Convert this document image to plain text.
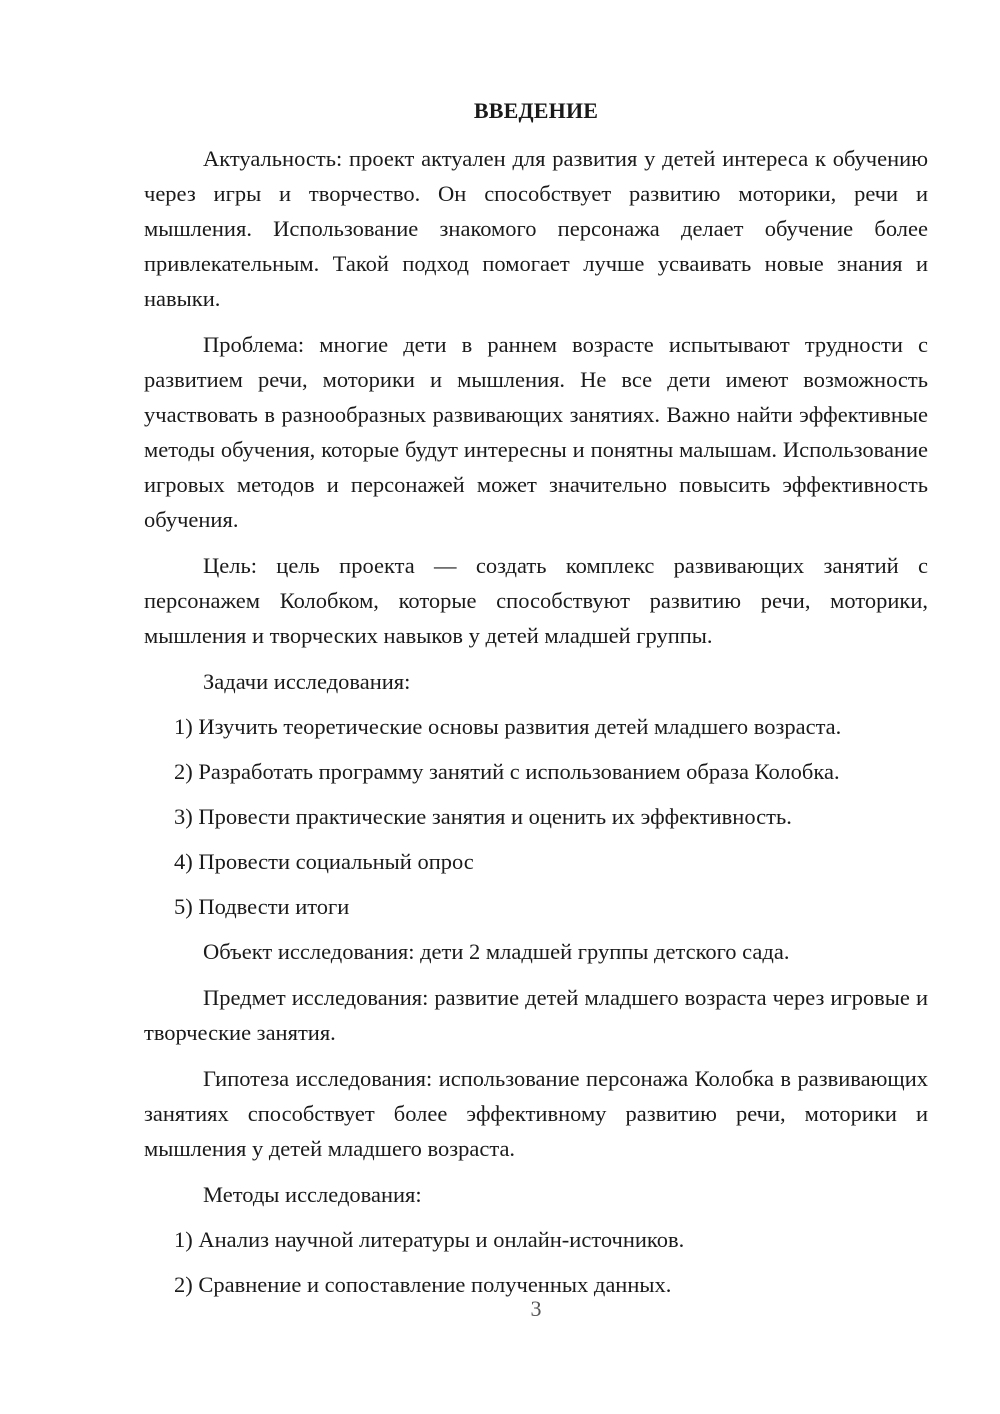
ВВЕДЕНИЕ

Актуальность: проект актуален для развития у детей интереса к обучению через игры и творчество. Он способствует развитию моторики, речи и мышления. Использование знакомого персонажа делает обучение более привлекательным. Такой подход помогает лучше усваивать новые знания и навыки.

Проблема: многие дети в раннем возрасте испытывают трудности с развитием речи, моторики и мышления. Не все дети имеют возможность участвовать в разнообразных развивающих занятиях. Важно найти эффективные методы обучения, которые будут интересны и понятны малышам. Использование игровых методов и персонажей может значительно повысить эффективность обучения.

Цель: цель проекта — создать комплекс развивающих занятий с персонажем Колобком, которые способствуют развитию речи, моторики, мышления и творческих навыков у детей младшей группы.

Задачи исследования:

1) Изучить теоретические основы развития детей младшего возраста.
2) Разработать программу занятий с использованием образа Колобка.
3) Провести практические занятия и оценить их эффективность.
4) Провести социальный опрос
5) Подвести итоги

Объект исследования: дети 2 младшей группы детского сада.

Предмет исследования: развитие детей младшего возраста через игровые и творческие занятия.

Гипотеза исследования: использование персонажа Колобка в развивающих занятиях способствует более эффективному развитию речи, моторики и мышления у детей младшего возраста.

Методы исследования:

1) Анализ научной литературы и онлайн-источников.
2) Сравнение и сопоставление полученных данных.
3
